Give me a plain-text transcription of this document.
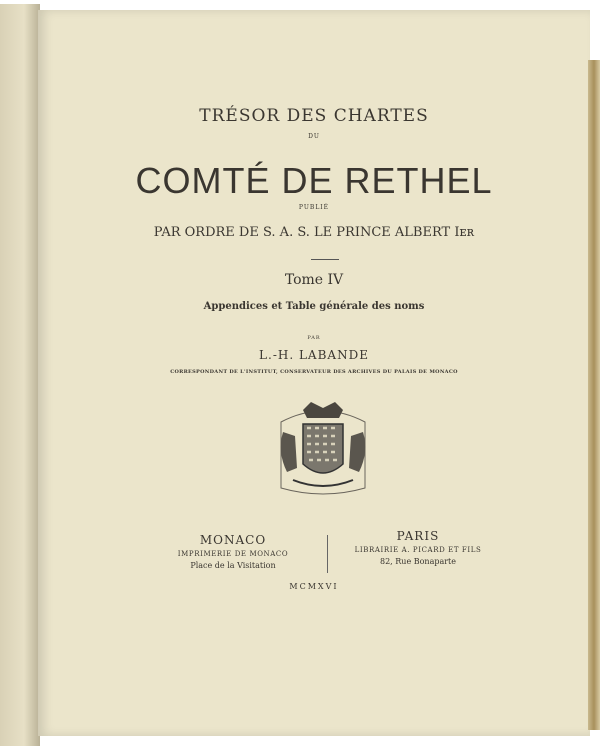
TRÉSOR DES CHARTES
DU
COMTÉ DE RETHEL
PUBLIÉ
PAR ORDRE DE S. A. S. LE PRINCE ALBERT Iᴇʀ
Tome IV
Appendices et Table générale des noms
PAR
L.-H. LABANDE
CORRESPONDANT DE L'INSTITUT, CONSERVATEUR DES ARCHIVES DU PALAIS DE MONACO
MONACO
IMPRIMERIE DE MONACO
Place de la Visitation
PARIS
LIBRAIRIE A. PICARD ET FILS
82, Rue Bonaparte
MCMXVI
